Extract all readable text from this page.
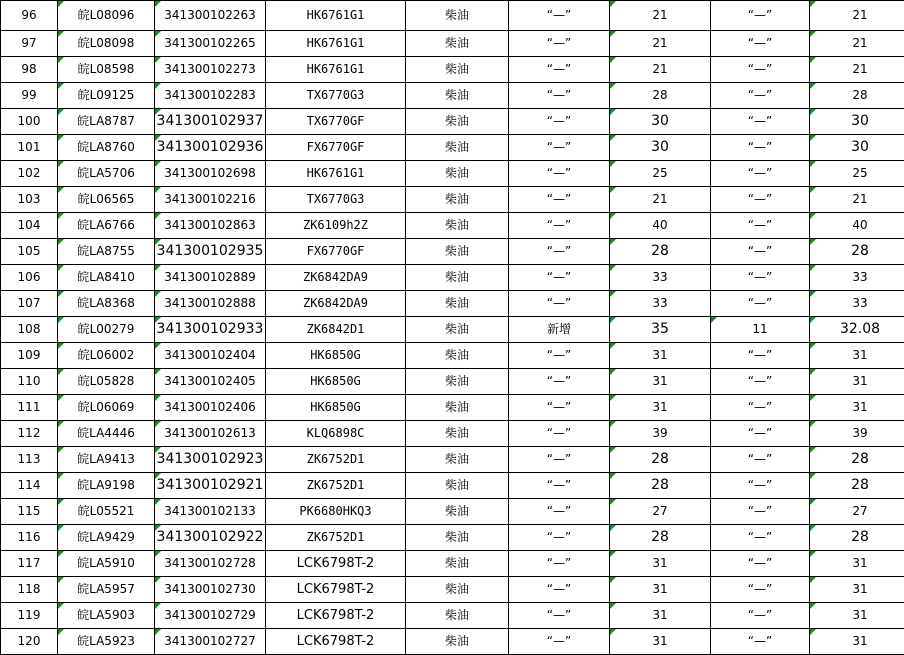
96	皖L08096	341300102263	HK6761G1	柴油	“—”	21	“—”	21
97	皖L08098	341300102265	HK6761G1	柴油	“—”	21	“—”	21
98	皖L08598	341300102273	HK6761G1	柴油	“—”	21	“—”	21
99	皖L09125	341300102283	TX6770G3	柴油	“—”	28	“—”	28
100	皖LA8787	341300102937	TX6770GF	柴油	“—”	30	“—”	30
101	皖LA8760	341300102936	FX6770GF	柴油	“—”	30	“—”	30
102	皖LA5706	341300102698	HK6761G1	柴油	“—”	25	“—”	25
103	皖L06565	341300102216	TX6770G3	柴油	“—”	21	“—”	21
104	皖LA6766	341300102863	ZK6109h2Z	柴油	“—”	40	“—”	40
105	皖LA8755	341300102935	FX6770GF	柴油	“—”	28	“—”	28
106	皖LA8410	341300102889	ZK6842DA9	柴油	“—”	33	“—”	33
107	皖LA8368	341300102888	ZK6842DA9	柴油	“—”	33	“—”	33
108	皖L00279	341300102933	ZK6842D1	柴油	新增	35	11	32.08
109	皖L06002	341300102404	HK6850G	柴油	“—”	31	“—”	31
110	皖L05828	341300102405	HK6850G	柴油	“—”	31	“—”	31
111	皖L06069	341300102406	HK6850G	柴油	“—”	31	“—”	31
112	皖LA4446	341300102613	KLQ6898C	柴油	“—”	39	“—”	39
113	皖LA9413	341300102923	ZK6752D1	柴油	“—”	28	“—”	28
114	皖LA9198	341300102921	ZK6752D1	柴油	“—”	28	“—”	28
115	皖L05521	341300102133	PK6680HKQ3	柴油	“—”	27	“—”	27
116	皖LA9429	341300102922	ZK6752D1	柴油	“—”	28	“—”	28
117	皖LA5910	341300102728	LCK6798T-2	柴油	“—”	31	“—”	31
118	皖LA5957	341300102730	LCK6798T-2	柴油	“—”	31	“—”	31
119	皖LA5903	341300102729	LCK6798T-2	柴油	“—”	31	“—”	31
120	皖LA5923	341300102727	LCK6798T-2	柴油	“—”	31	“—”	31
